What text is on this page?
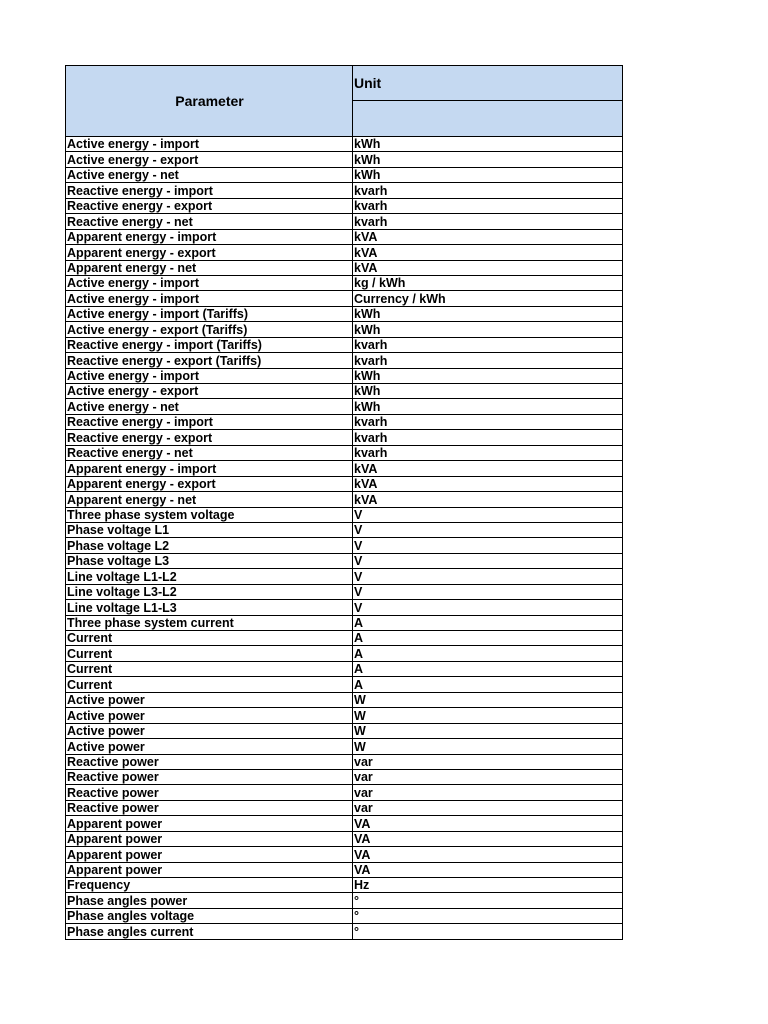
Parameter	Unit

Active energy - import	kWh
Active energy - export	kWh
Active energy - net	kWh
Reactive energy - import	kvarh
Reactive energy - export	kvarh
Reactive energy - net	kvarh
Apparent energy - import	kVA
Apparent energy - export	kVA
Apparent energy - net	kVA
Active energy - import	kg / kWh
Active energy - import	Currency / kWh
Active energy - import (Tariffs)	kWh
Active energy - export (Tariffs)	kWh
Reactive energy - import (Tariffs)	kvarh
Reactive energy - export (Tariffs)	kvarh
Active energy - import	kWh
Active energy - export	kWh
Active energy - net	kWh
Reactive energy - import	kvarh
Reactive energy - export	kvarh
Reactive energy - net	kvarh
Apparent energy - import	kVA
Apparent energy - export	kVA
Apparent energy - net	kVA
Three phase system voltage	V
Phase voltage L1	V
Phase voltage L2	V
Phase voltage L3	V
Line voltage L1-L2	V
Line voltage L3-L2	V
Line voltage L1-L3	V
Three phase system current	A
Current	A
Current	A
Current	A
Current	A
Active power	W
Active power	W
Active power	W
Active power	W
Reactive power	var
Reactive power	var
Reactive power	var
Reactive power	var
Apparent power	VA
Apparent power	VA
Apparent power	VA
Apparent power	VA
Frequency	Hz
Phase angles power	°
Phase angles voltage	°
Phase angles current	°
